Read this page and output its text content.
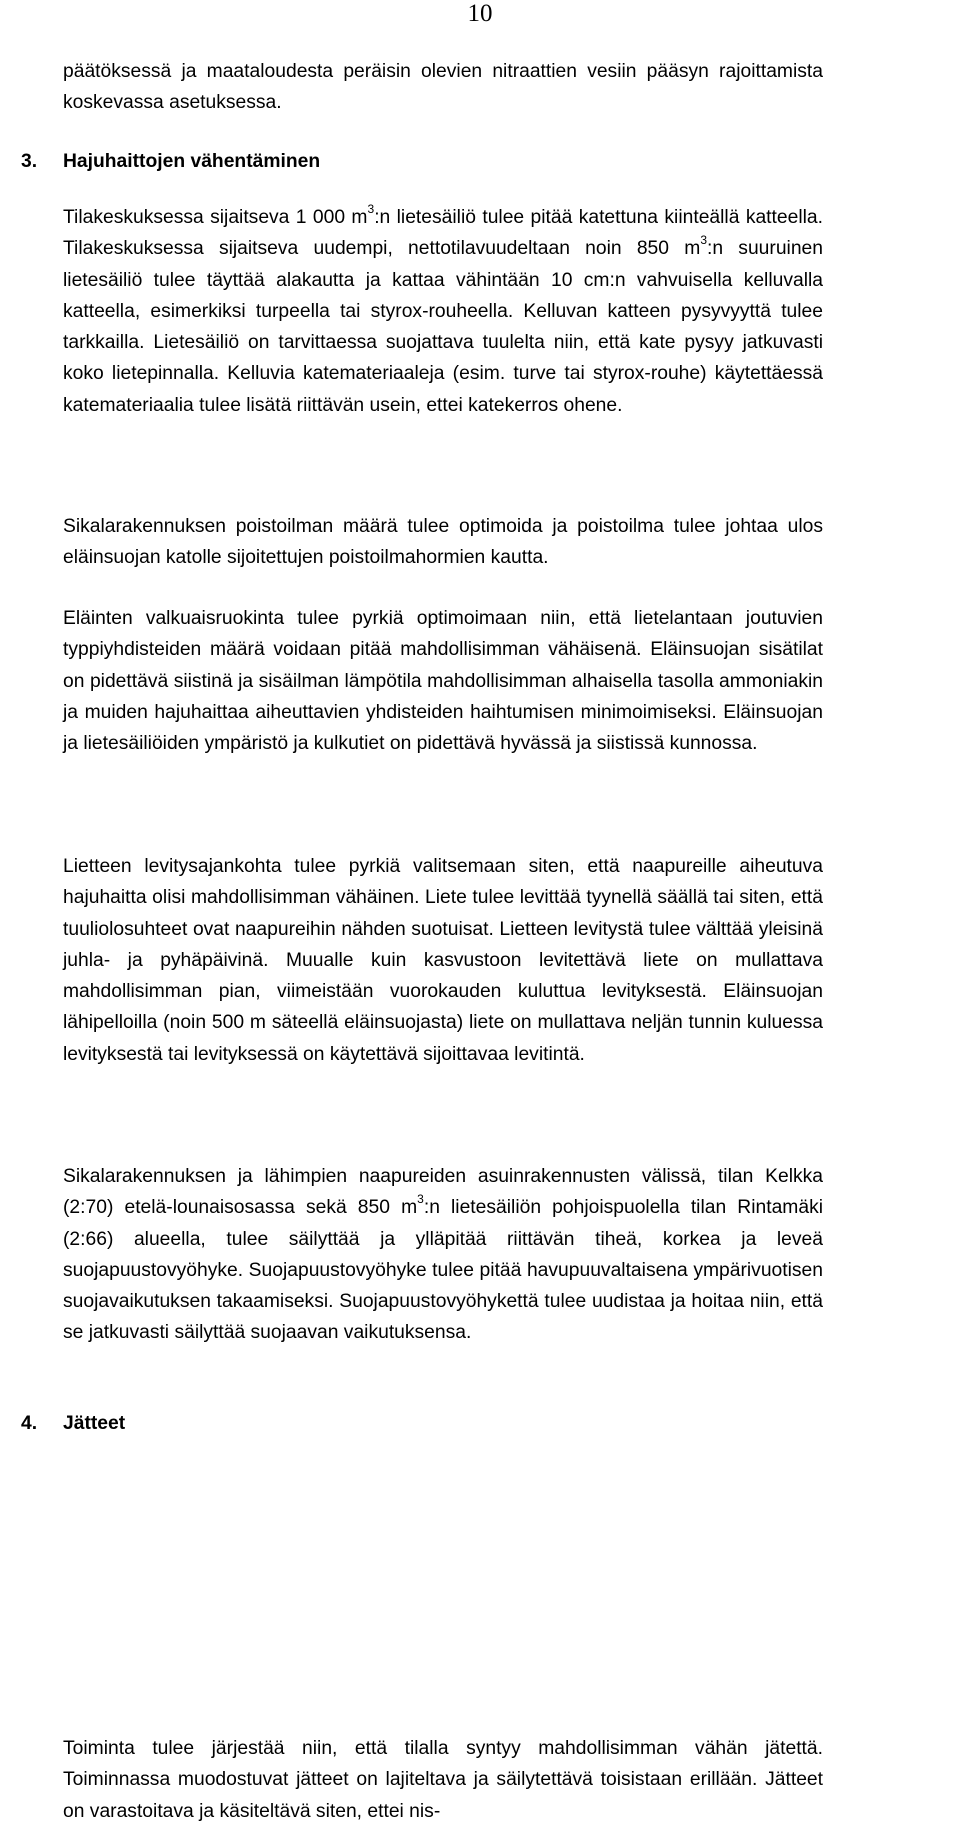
10

päätöksessä ja maataloudesta peräisin olevien nitraattien vesiin pääsyn rajoittamista koskevassa asetuksessa.

3. Hajuhaittojen vähentäminen

Tilakeskuksessa sijaitseva 1 000 $m^3:n$ lietesäiliö tulee pitää katettuna kiinteällä katteella. Tilakeskuksessa sijaitseva uudempi, nettotilavuudeltaan noin 850 $m^3:n$ suuruinen lietesäiliö tulee täyttää alakautta ja kattaa vähintään 10 cm:n vahvuisella kelluvalla katteella, esimerkiksi turpeella tai styrox-rouheella. Kelluvan katteen pysyvyyttä tulee tarkkailla. Lietesäiliö on tarvittaessa suojattava tuulelta niin, että kate pysyy jatkuvasti koko lietepinnalla. Kelluvia katemateriaaleja (esim. turve tai styrox-rouhe) käytettäessä katemateriaalia tulee lisätä riittävän usein, ettei katekerros ohene.

Sikalarakennuksen poistoilman määrä tulee optimoida ja poistoilma tulee johtaa ulos eläinsuojan katolle sijoitettujen poistoilmahormien kautta.

Eläinten valkuaisruokinta tulee pyrkiä optimoimaan niin, että lietelantaan joutuvien typpiyhdisteiden määrä voidaan pitää mahdollisimman vähäisenä. Eläinsuojan sisätilat on pidettävä siistinä ja sisäilman lämpötila mahdollisimman alhaisella tasolla ammoniakin ja muiden hajuhaittaa aiheuttavien yhdisteiden haihtumisen minimoimiseksi. Eläinsuojan ja lietesäiliöiden ympäristö ja kulkutiet on pidettävä hyvässä ja siistissä kunnossa.

Lietteen levitysajankohta tulee pyrkiä valitsemaan siten, että naapureille aiheutuva hajuhaitta olisi mahdollisimman vähäinen. Liete tulee levittää tyynellä säällä tai siten, että tuuliolosuhteet ovat naapureihin nähden suotuisat. Lietteen levitystä tulee välttää yleisinä juhla- ja pyhäpäivinä. Muualle kuin kasvustoon levitettävä liete on mullattava mahdollisimman pian, viimeistään vuorokauden kuluttua levityksestä. Eläinsuojan lähipelloilla (noin 500 m säteellä eläinsuojasta) liete on mullattava neljän tunnin kuluessa levityksestä tai levityksessä on käytettävä sijoittavaa levitintä.

Sikalarakennuksen ja lähimpien naapureiden asuinrakennusten välissä, tilan Kelkka (2:70) etelä-lounaisosassa sekä 850 $m^3:n$ lietesäiliön pohjoispuolella tilan Rintamäki (2:66) alueella, tulee säilyttää ja ylläpitää riittävän tiheä, korkea ja leveä suojapuustovyöhyke. Suojapuustovyöhyke tulee pitää havupuuvaltaisena ympärivuotisen suojavaikutuksen takaamiseksi. Suojapuustovyöhykettä tulee uudistaa ja hoitaa niin, että se jatkuvasti säilyttää suojaavan vaikutuksensa.

4. Jätteet

Toiminta tulee järjestää niin, että tilalla syntyy mahdollisimman vähän jätettä. Toiminnassa muodostuvat jätteet on lajiteltava ja säilytettävä toisistaan erillään. Jätteet on varastoitava ja käsiteltävä siten, ettei nis-
